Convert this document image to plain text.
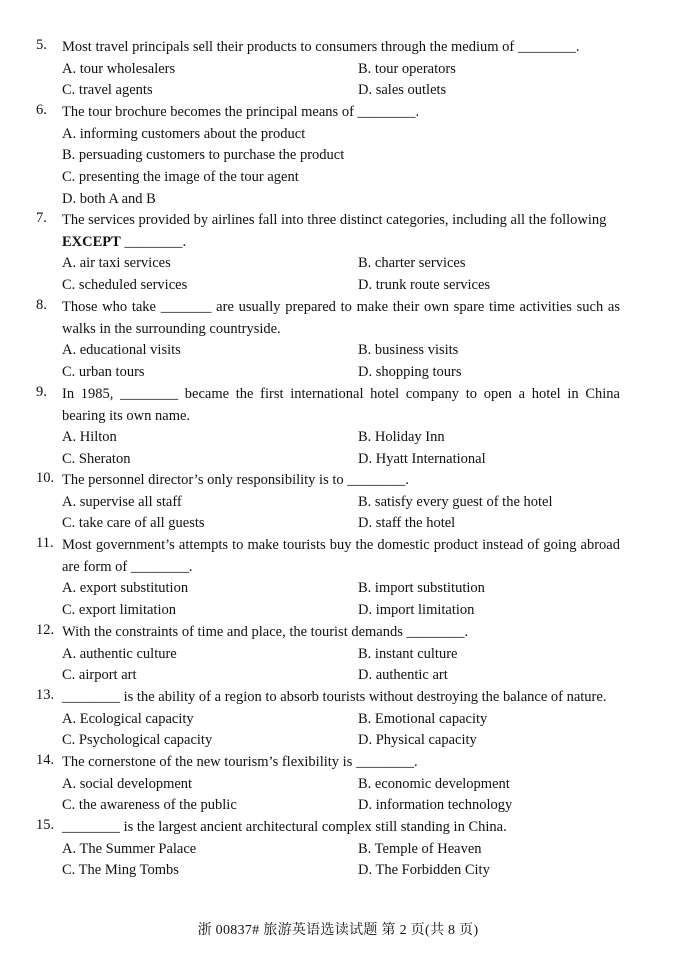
5. Most travel principals sell their products to consumers through the medium of ________.
A. tour wholesalers	B. tour operators
C. travel agents	D. sales outlets
6. The tour brochure becomes the principal means of ________.
A. informing customers about the product
B. persuading customers to purchase the product
C. presenting the image of the tour agent
D. both A and B
7. The services provided by airlines fall into three distinct categories, including all the following
EXCEPT ________.
A. air taxi services	B. charter services
C. scheduled services	D. trunk route services
8. Those who take _______ are usually prepared to make their own spare time activities such as walks in the surrounding countryside.
A. educational visits	B. business visits
C. urban tours	D. shopping tours
9. In 1985, ________ became the first international hotel company to open a hotel in China bearing its own name.
A. Hilton	B. Holiday Inn
C. Sheraton	D. Hyatt International
10. The personnel director’s only responsibility is to ________.
A. supervise all staff	B. satisfy every guest of the hotel
C. take care of all guests	D. staff the hotel
11. Most government’s attempts to make tourists buy the domestic product instead of going abroad are form of ________.
A. export substitution	B. import substitution
C. export limitation	D. import limitation
12. With the constraints of time and place, the tourist demands ________.
A. authentic culture	B. instant culture
C. airport art	D. authentic art
13. ________ is the ability of a region to absorb tourists without destroying the balance of nature.
A. Ecological capacity	B. Emotional capacity
C. Psychological capacity	D. Physical capacity
14. The cornerstone of the new tourism’s flexibility is ________.
A. social development	B. economic development
C. the awareness of the public	D. information technology
15. ________ is the largest ancient architectural complex still standing in China.
A. The Summer Palace	B. Temple of Heaven
C. The Ming Tombs	D. The Forbidden City
浙 00837# 旅游英语选读试题 第 2 页(共 8 页)
